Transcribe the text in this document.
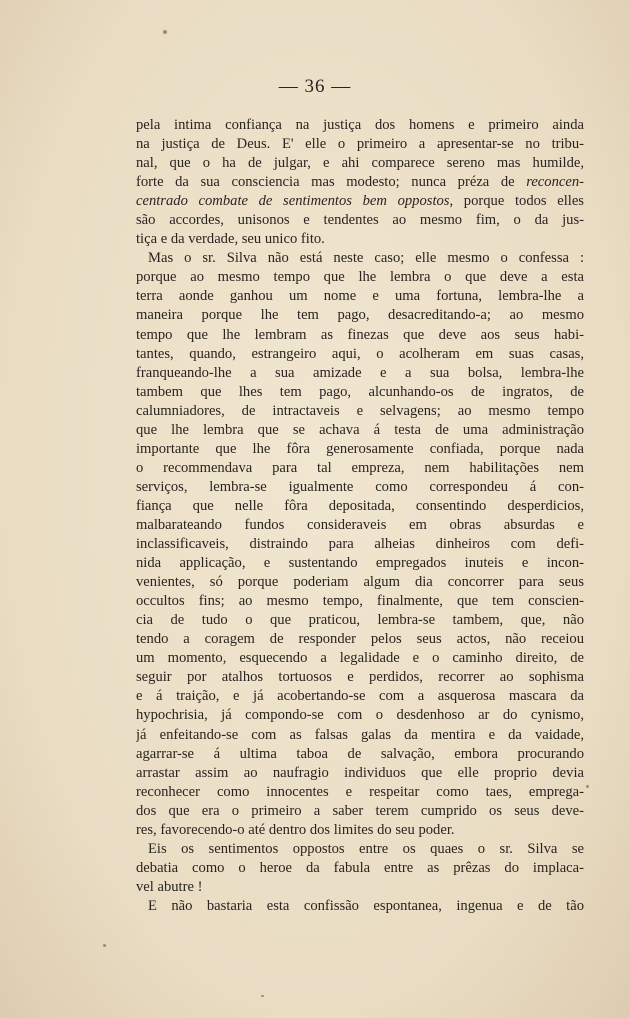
— 36 —
pela intima confiança na justiça dos homens e primeiro ainda
na justiça de Deus. E' elle o primeiro a apresentar-se no tribu-
nal, que o ha de julgar, e ahi comparece sereno mas humilde,
forte da sua consciencia mas modesto; nunca préza de reconcen-
centrado combate de sentimentos bem oppostos, porque todos elles
são accordes, unisonos e tendentes ao mesmo fim, o da jus-
tiça e da verdade, seu unico fito.
Mas o sr. Silva não está neste caso; elle mesmo o confessa :
porque ao mesmo tempo que lhe lembra o que deve a esta
terra aonde ganhou um nome e uma fortuna, lembra-lhe a
maneira porque lhe tem pago, desacreditando-a; ao mesmo
tempo que lhe lembram as finezas que deve aos seus habi-
tantes, quando, estrangeiro aqui, o acolheram em suas casas,
franqueando-lhe a sua amizade e a sua bolsa, lembra-lhe
tambem que lhes tem pago, alcunhando-os de ingratos, de
calumniadores, de intractaveis e selvagens; ao mesmo tempo
que lhe lembra que se achava á testa de uma administração
importante que lhe fôra generosamente confiada, porque nada
o recommendava para tal empreza, nem habilitações nem
serviços, lembra-se igualmente como correspondeu á con-
fiança que nelle fôra depositada, consentindo desperdicios,
malbarateando fundos consideraveis em obras absurdas e
inclassificaveis, distraindo para alheias dinheiros com defi-
nida applicação, e sustentando empregados inuteis e incon-
venientes, só porque poderiam algum dia concorrer para seus
occultos fins; ao mesmo tempo, finalmente, que tem conscien-
cia de tudo o que praticou, lembra-se tambem, que, não
tendo a coragem de responder pelos seus actos, não receiou
um momento, esquecendo a legalidade e o caminho direito, de
seguir por atalhos tortuosos e perdidos, recorrer ao sophisma
e á traição, e já acobertando-se com a asquerosa mascara da
hypochrisia, já compondo-se com o desdenhoso ar do cynismo,
já enfeitando-se com as falsas galas da mentira e da vaidade,
agarrar-se á ultima taboa de salvação, embora procurando
arrastar assim ao naufragio individuos que elle proprio devia
reconhecer como innocentes e respeitar como taes, emprega-
dos que era o primeiro a saber terem cumprido os seus deve-
res, favorecendo-o até dentro dos limites do seu poder.
Eis os sentimentos oppostos entre os quaes o sr. Silva se
debatia como o heroe da fabula entre as prêzas do implaca-
vel abutre !
E não bastaria esta confissão espontanea, ingenua e de tão
